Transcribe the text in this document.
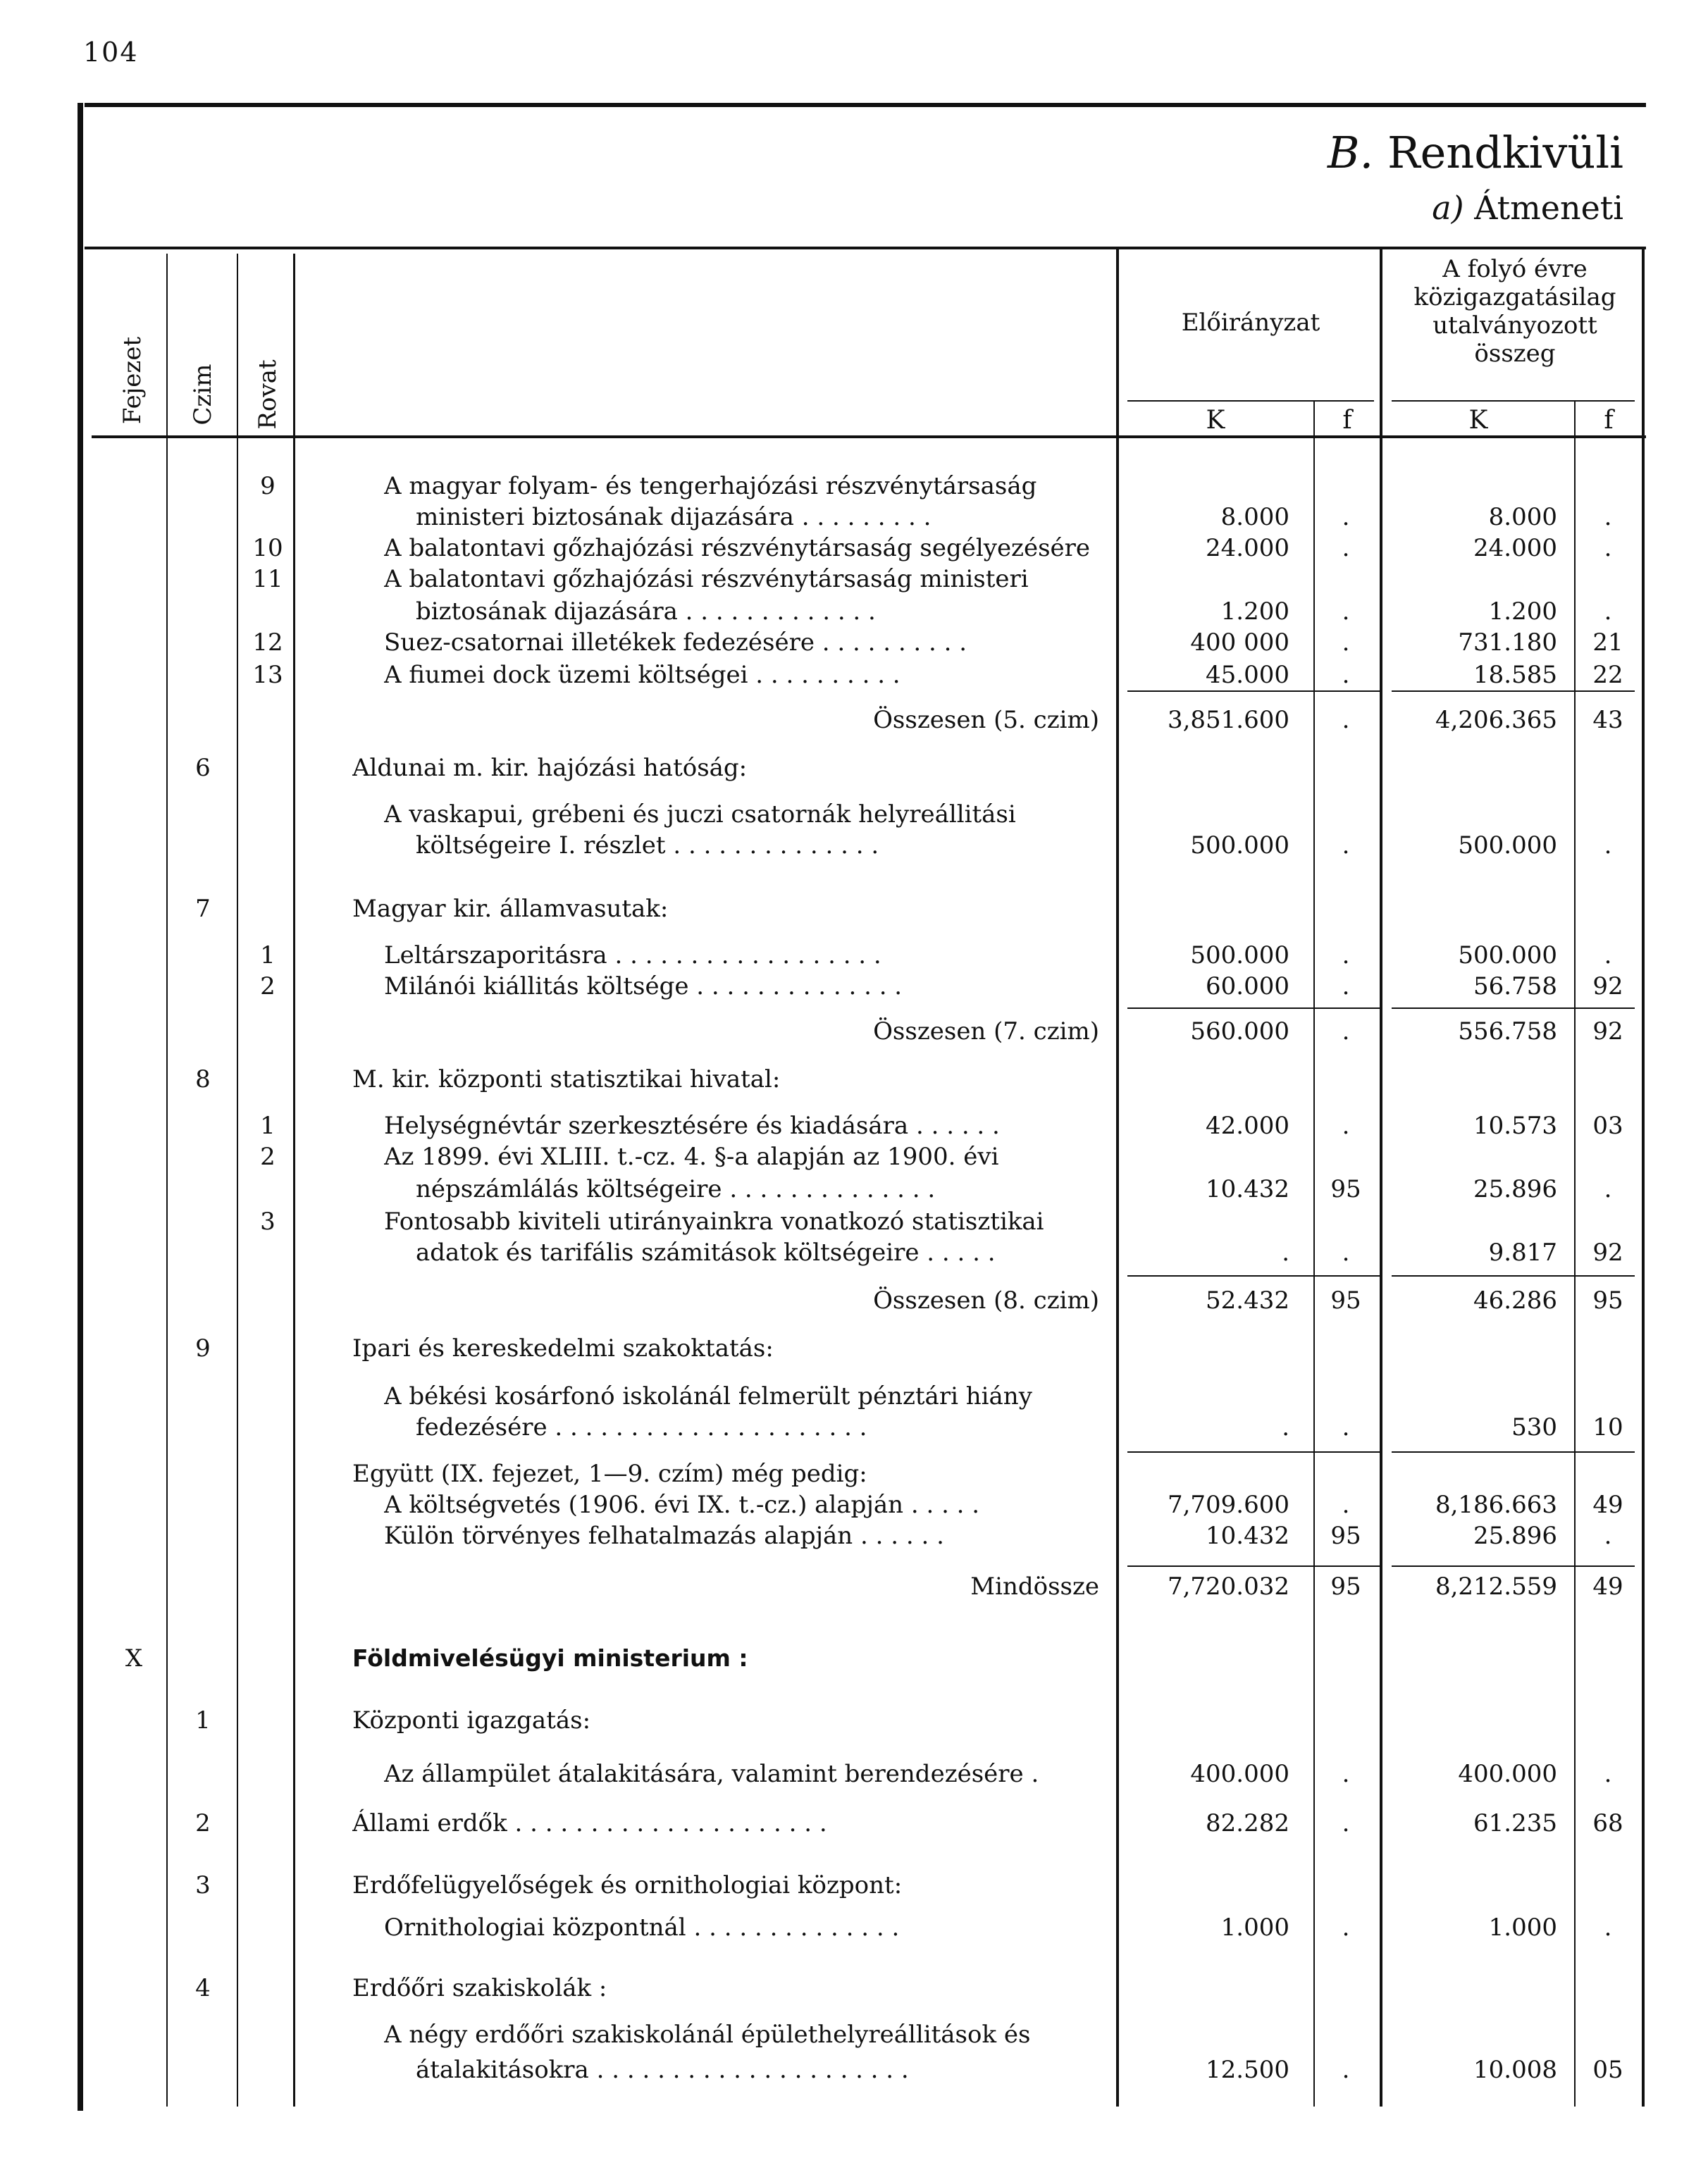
104
B. Rendkivüli
a) Átmeneti
Fejezet Czim Rovat
Előirányzat
A folyó évre közigazgatásilag utalványozott összeg
K	f	K	f
9	A magyar folyam- és tengerhajózási részvénytársaság
ministeri biztosának dijazására . . . . . . . . .	8.000	.	8.000	.
10	A balatontavi gőzhajózási részvénytársaság segélyezésére	24.000	.	24.000	.
11	A balatontavi gőzhajózási részvénytársaság ministeri
biztosának dijazására . . . . . . . . . . . . .	1.200	.	1.200	.
12	Suez-csatornai illetékek fedezésére . . . . . . . . . .	400 000	.	731.180	21
13	A fiumei dock üzemi költségei . . . . . . . . . .	45.000	.	18.585	22
Összesen (5. czim)	3,851.600	.	4,206.365	43
6	Aldunai m. kir. hajózási hatóság:
A vaskapui, grébeni és juczi csatornák helyreállitási
költségeire I. részlet . . . . . . . . . . . . . .	500.000	.	500.000	.
7	Magyar kir. államvasutak:
1	Leltárszaporitásra . . . . . . . . . . . . . . . . . .	500.000	.	500.000	.
2	Milánói kiállitás költsége . . . . . . . . . . . . . .	60.000	.	56.758	92
Összesen (7. czim)	560.000	.	556.758	92
8	M. kir. központi statisztikai hivatal:
1	Helységnévtár szerkesztésére és kiadására . . . . . .	42.000	.	10.573	03
2	Az 1899. évi XLIII. t.-cz. 4. §-a alapján az 1900. évi
népszámlálás költségeire . . . . . . . . . . . . . .	10.432	95	25.896	.
3	Fontosabb kiviteli utirányainkra vonatkozó statisztikai
adatok és tarifális számitások költségeire . . . . .	.	.	9.817	92
Összesen (8. czim)	52.432	95	46.286	95
9	Ipari és kereskedelmi szakoktatás:
A békési kosárfonó iskolánál felmerült pénztári hiány
fedezésére . . . . . . . . . . . . . . . . . . . . .	.	.	530	10
Együtt (IX. fejezet, 1—9. czím) még pedig:
A költségvetés (1906. évi IX. t.-cz.) alapján . . . . .	7,709.600	.	8,186.663	49
Külön törvényes felhatalmazás alapján . . . . . .	10.432	95	25.896	.
Mindössze	7,720.032	95	8,212.559	49
X	Földmivelésügyi ministerium :
1	Központi igazgatás:
Az állampület átalakitására, valamint berendezésére .	400.000	.	400.000	.
2	Állami erdők . . . . . . . . . . . . . . . . . . . . .	82.282	.	61.235	68
3	Erdőfelügyelőségek és ornithologiai központ:
Ornithologiai központnál . . . . . . . . . . . . . .	1.000	.	1.000	.
4	Erdőőri szakiskolák :
A négy erdőőri szakiskolánál épülethelyreállitások és
átalakitásokra . . . . . . . . . . . . . . . . . . . . .	12.500	.	10.008	05
